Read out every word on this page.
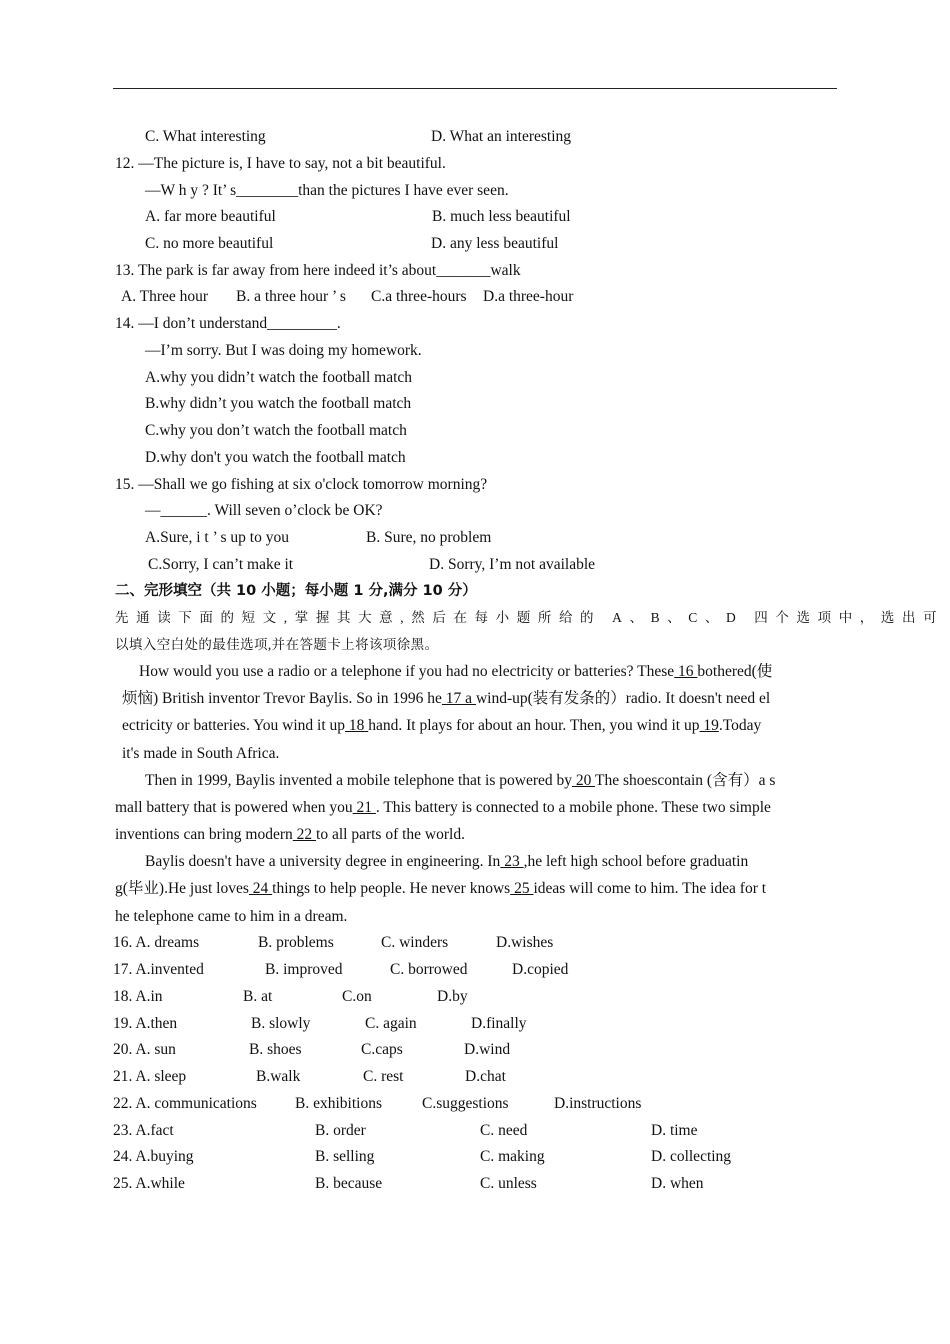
C. What interesting	D. What an interesting
12. —The picture is, I have to say, not a bit beautiful.
—W h y ? It’ s________than the pictures I have ever seen.
A. far more beautiful	B. much less beautiful
C. no more beautiful	D. any less beautiful
13. The park is far away from here indeed it’s about_______walk
A. Three hour B. a three hour ’ s C.a three-hours D.a three-hour
14. —I don’t understand_________.
—I’m sorry. But I was doing my homework.
A.why you didn’t watch the football match
B.why didn’t you watch the football match
C.why you don’t watch the football match
D.why don't you watch the football match
15. —Shall we go fishing at six o'clock tomorrow morning?
—______. Will seven o’clock be OK?
A.Sure, i t ’ s up to you	B. Sure, no problem
C.Sorry, I can’t make it	D. Sorry, I’m not available
二、完形填空（共 10 小题；每小题 1 分,满分 10 分）
先通读下面的短文,掌握其大意,然后在每小题所给的 A、B、C、D 四个选项中，选出可
以填入空白处的最佳选项,并在答题卡上将该项徐黑。
How would you use a radio or a telephone if you had no electricity or batteries? These 16 bothered(使
烦恼) British inventor Trevor Baylis. So in 1996 he 17 a wind-up(装有发条的）radio. It doesn't need el
ectricity or batteries. You wind it up 18 hand. It plays for about an hour. Then, you wind it up 19.Today
it's made in South Africa.
Then in 1999, Baylis invented a mobile telephone that is powered by 20 The shoescontain (含有）a s
mall battery that is powered when you 21 . This battery is connected to a mobile phone. These two simple
inventions can bring modern 22 to all parts of the world.
Baylis doesn't have a university degree in engineering. In 23 ,he left high school before graduatin
g(毕业).He just loves 24 things to help people. He never knows 25 ideas will come to him. The idea for t
he telephone came to him in a dream.
16. A. dreams	B. problems	C. winders	D.wishes
17. A.invented	B. improved	C. borrowed	D.copied
18. A.in	B. at	C.on	D.by
19. A.then	B. slowly	C. again	D.finally
20. A. sun	B. shoes	C.caps	D.wind
21. A. sleep	B.walk	C. rest	D.chat
22. A. communications B. exhibitions	C.suggestions	D.instructions
23. A.fact	B. order	C. need	D. time
24. A.buying	B. selling	C. making	D. collecting
25. A.while	B. because	C. unless	D. when
